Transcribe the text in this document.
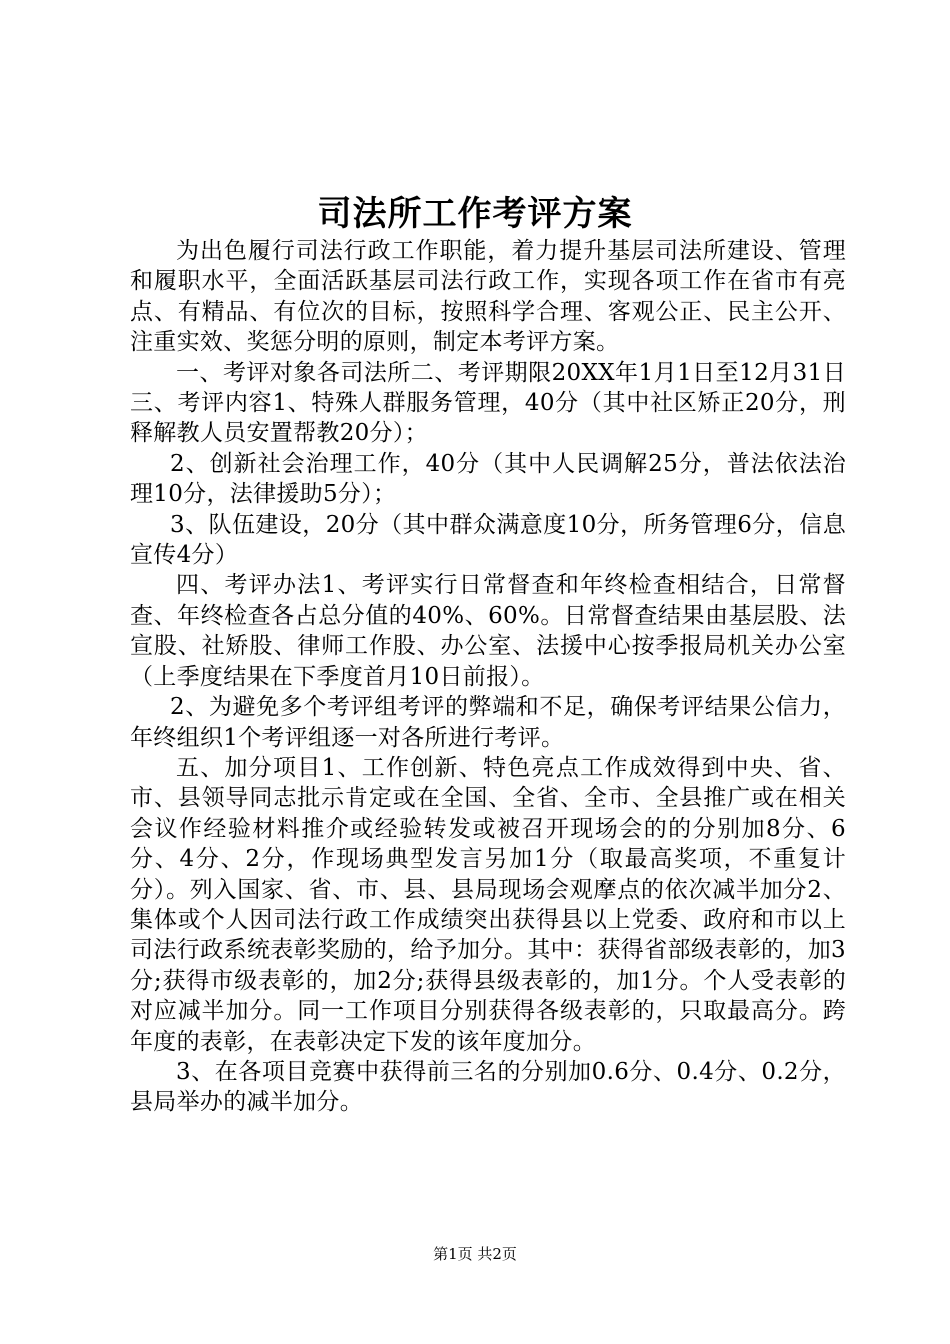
司法所工作考评方案

为出色履行司法行政工作职能，着力提升基层司法所建设、管理和履职水平，全面活跃基层司法行政工作，实现各项工作在省市有亮点、有精品、有位次的目标，按照科学合理、客观公正、民主公开、注重实效、奖惩分明的原则，制定本考评方案。

一、考评对象各司法所二、考评期限20XX年1月1日至12月31日三、考评内容1、特殊人群服务管理，40分（其中社区矫正20分，刑释解教人员安置帮教20分）；

2、创新社会治理工作，40分（其中人民调解25分，普法依法治理10分，法律援助5分）；

3、队伍建设，20分（其中群众满意度10分，所务管理6分，信息宣传4分）

四、考评办法1、考评实行日常督查和年终检查相结合，日常督查、年终检查各占总分值的40%、60%。日常督查结果由基层股、法宣股、社矫股、律师工作股、办公室、法援中心按季报局机关办公室（上季度结果在下季度首月10日前报）。

2、为避免多个考评组考评的弊端和不足，确保考评结果公信力，年终组织1个考评组逐一对各所进行考评。

五、加分项目1、工作创新、特色亮点工作成效得到中央、省、市、县领导同志批示肯定或在全国、全省、全市、全县推广或在相关会议作经验材料推介或经验转发或被召开现场会的的分别加8分、6分、4分、2分，作现场典型发言另加1分（取最高奖项，不重复计分）。列入国家、省、市、县、县局现场会观摩点的依次减半加分2、集体或个人因司法行政工作成绩突出获得县以上党委、政府和市以上司法行政系统表彰奖励的，给予加分。其中：获得省部级表彰的，加3分;获得市级表彰的，加2分;获得县级表彰的，加1分。个人受表彰的对应减半加分。同一工作项目分别获得各级表彰的，只取最高分。跨年度的表彰，在表彰决定下发的该年度加分。

3、在各项目竞赛中获得前三名的分别加0.6分、0.4分、0.2分，县局举办的减半加分。

第1页 共2页
